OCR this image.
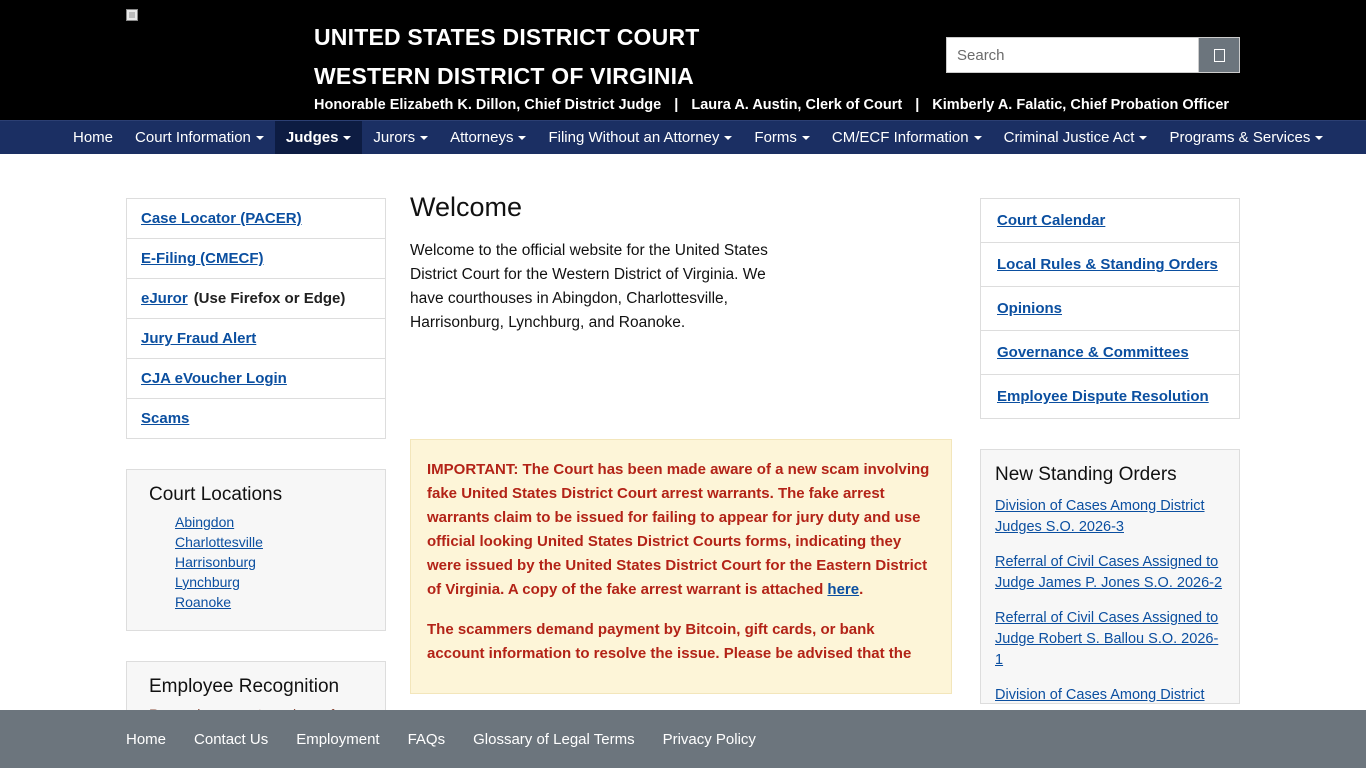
UNITED STATES DISTRICT COURT
WESTERN DISTRICT OF VIRGINIA
Honorable Elizabeth K. Dillon, Chief District Judge | Laura A. Austin, Clerk of Court | Kimberly A. Falatic, Chief Probation Officer
Search
Home Court Information Judges Jurors Attorneys Filing Without an Attorney Forms CM/ECF Information Criminal Justice Act Programs & Services
Case Locator (PACER)
E-Filing (CMECF)
eJuror (Use Firefox or Edge)
Jury Fraud Alert
CJA eVoucher Login
Scams
Court Locations
Abingdon
Charlottesville
Harrisonburg
Lynchburg
Roanoke
Employee Recognition

Welcome

Welcome to the official website for the United States District Court for the Western District of Virginia. We have courthouses in Abingdon, Charlottesville, Harrisonburg, Lynchburg, and Roanoke.

IMPORTANT: The Court has been made aware of a new scam involving fake United States District Court arrest warrants. The fake arrest warrants claim to be issued for failing to appear for jury duty and use official looking United States District Courts forms, indicating they were issued by the United States District Court for the Eastern District of Virginia. A copy of the fake arrest warrant is attached here.

The scammers demand payment by Bitcoin, gift cards, or bank account information to resolve the issue. Please be advised that the

Court Calendar
Local Rules & Standing Orders
Opinions
Governance & Committees
Employee Dispute Resolution
New Standing Orders
Division of Cases Among District Judges S.O. 2026-3
Referral of Civil Cases Assigned to Judge James P. Jones S.O. 2026-2
Referral of Civil Cases Assigned to Judge Robert S. Ballou S.O. 2026-1
Division of Cases Among District
Home Contact Us Employment FAQs Glossary of Legal Terms Privacy Policy
